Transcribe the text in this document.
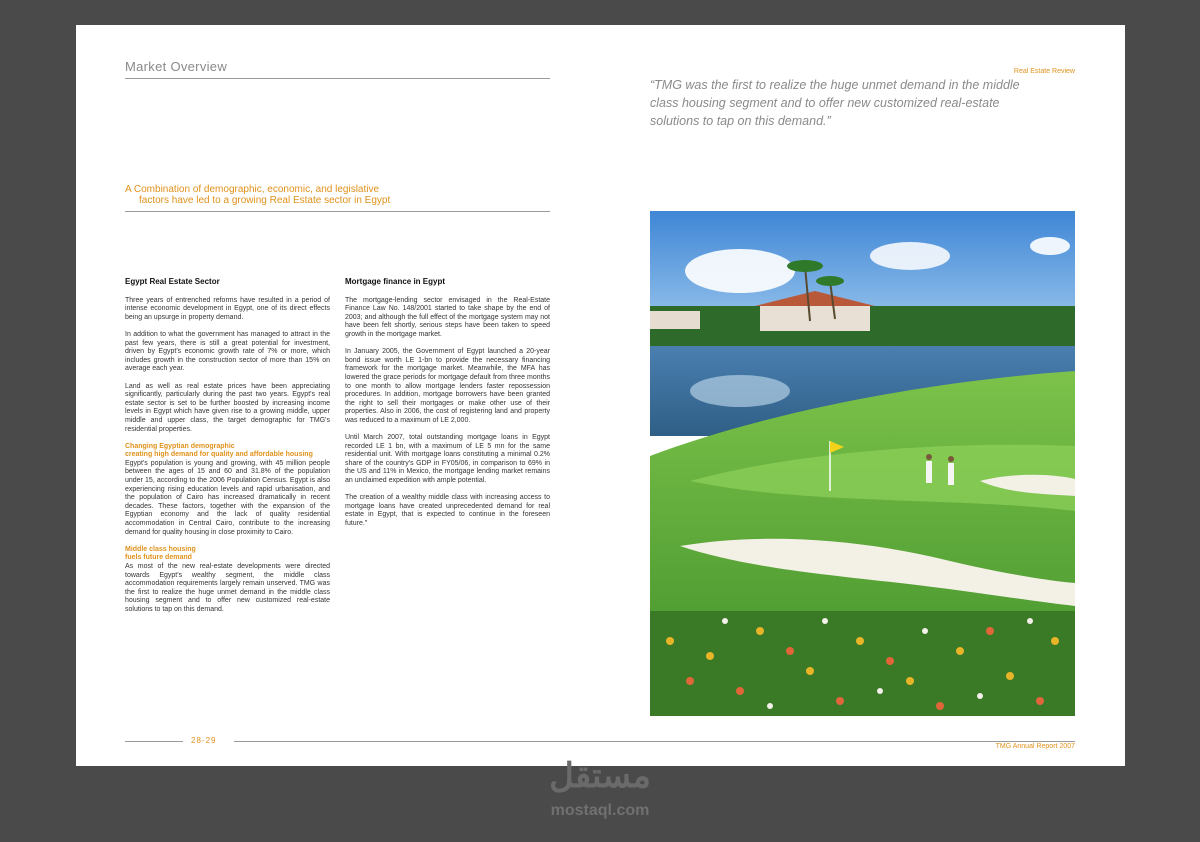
Market Overview
A Combination of demographic, economic, and legislative
factors have led to a growing Real Estate sector in Egypt
Egypt Real Estate Sector

Three years of entrenched reforms have resulted in a period of intense economic development in Egypt, one of its direct effects being an upsurge in property demand.

In addition to what the government has managed to attract in the past few years, there is still a great potential for investment, driven by Egypt's economic growth rate of 7% or more, which includes growth in the construction sector of more than 15% on average each year.

Land as well as real estate prices have been appreciating significantly, particularly during the past two years. Egypt's real estate sector is set to be further boosted by increasing income levels in Egypt which have given rise to a growing middle, upper middle and upper class, the target demographic for TMG's residential properties.

Changing Egyptian demographic
creating high demand for quality and affordable housing

Egypt's population is young and growing, with 45 million people between the ages of 15 and 60 and 31.8% of the population under 15, according to the 2006 Population Census. Egypt is also experiencing rising education levels and rapid urbanisation, and the population of Cairo has increased dramatically in recent decades. These factors, together with the expansion of the Egyptian economy and the lack of quality residential accommodation in Central Cairo, contribute to the increasing demand for quality housing in close proximity to Cairo.

Middle class housing
fuels future demand

As most of the new real-estate developments were directed towards Egypt's wealthy segment, the middle class accommodation requirements largely remain unserved. TMG was the first to realize the huge unmet demand in the middle class housing segment and to offer new customized real-estate solutions to tap on this demand.

Mortgage finance in Egypt

The mortgage-lending sector envisaged in the Real-Estate Finance Law No. 148/2001 started to take shape by the end of 2003; and although the full effect of the mortgage system may not have been felt shortly, serious steps have been taken to speed growth in the mortgage market.

In January 2005, the Government of Egypt launched a 20-year bond issue worth LE 1-bn to provide the necessary financing framework for the mortgage market. Meanwhile, the MFA has lowered the grace periods for mortgage default from three months to one month to allow mortgage lenders faster repossession procedures. In addition, mortgage borrowers have been granted the right to sell their mortgages or make other use of their properties. Also in 2006, the cost of registering land and property was reduced to a maximum of LE 2,000.

Until March 2007, total outstanding mortgage loans in Egypt recorded LE 1 bn, with a maximum of LE 5 mn for the same residential unit. With mortgage loans constituting a minimal 0.2% share of the country's GDP in FY05/06, in comparison to 69% in the US and 11% in Mexico, the mortgage lending market remains an unclaimed expedition with ample potential.

The creation of a wealthy middle class with increasing access to mortgage loans have created unprecedented demand for real estate in Egypt, that is expected to continue in the foreseen future."

Real Estate Review
“TMG was the first to realize the huge unmet demand in the middle class housing segment and to offer new customized real-estate solutions to tap on this demand.”
28-29
TMG Annual Report 2007
مستقل
mostaql.com
